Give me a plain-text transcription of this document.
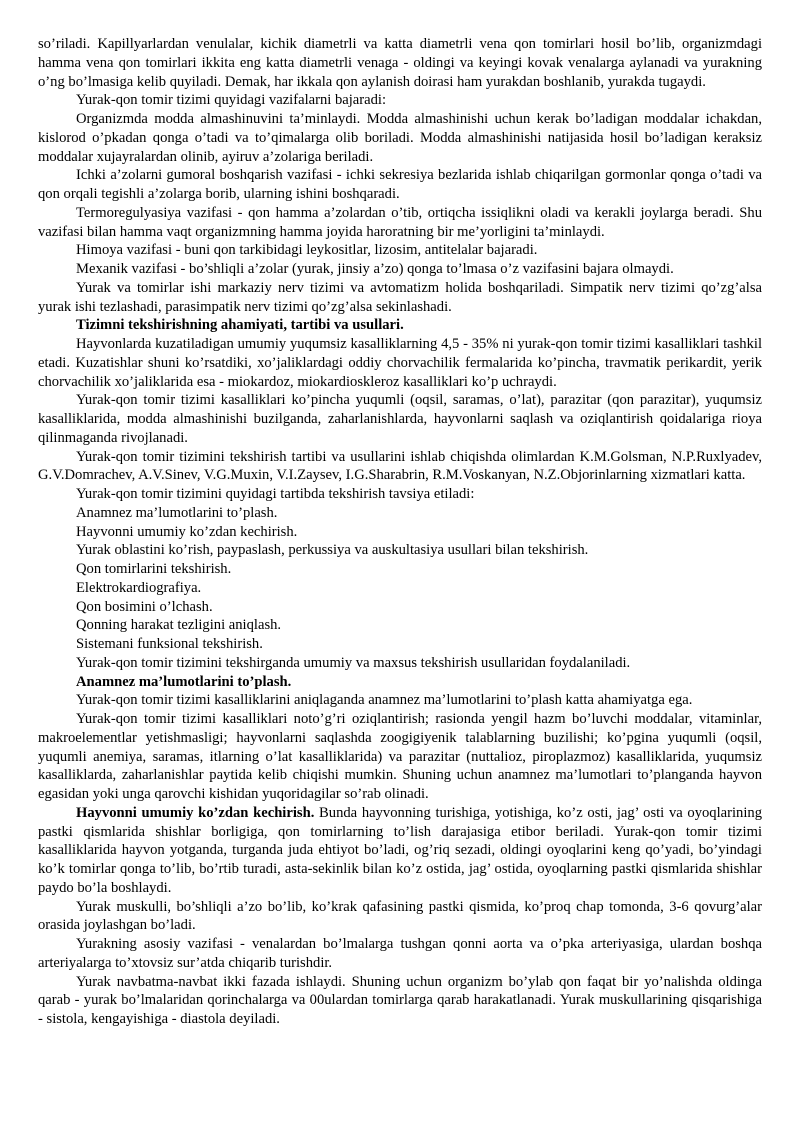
so’riladi. Kapillyarlardan venulalar, kichik diametrli va katta diametrli vena qon tomirlari hosil bo’lib, organizmdagi hamma vena qon tomirlari ikkita eng katta diametrli venaga - oldingi va keyingi kovak venalarga aylanadi va yurakning o’ng bo’lmasiga kelib quyiladi. Demak, har ikkala qon aylanish doirasi ham yurakdan boshlanib, yurakda tugaydi.

Yurak-qon tomir tizimi quyidagi vazifalarni bajaradi:

Organizmda modda almashinuvini ta’minlaydi. Modda almashinishi uchun kerak bo’ladigan moddalar ichakdan, kislorod o’pkadan qonga o’tadi va to’qimalarga olib boriladi. Modda almashinishi natijasida hosil bo’ladigan keraksiz moddalar xujayralardan olinib, ayiruv a’zolariga beriladi.

Ichki a’zolarni gumoral boshqarish vazifasi - ichki sekresiya bezlarida ishlab chiqarilgan gormonlar qonga o’tadi va qon orqali tegishli a’zolarga borib, ularning ishini boshqaradi.

Termoregulyasiya vazifasi - qon hamma a’zolardan o’tib, ortiqcha issiqlikni oladi va kerakli joylarga beradi. Shu vazifasi bilan hamma vaqt organizmning hamma joyida haroratning bir me’yorligini ta’minlaydi.

Himoya vazifasi - buni qon tarkibidagi leykositlar, lizosim, antitelalar bajaradi.

Mexanik vazifasi - bo’shliqli a’zolar (yurak, jinsiy a’zo) qonga to’lmasa o’z vazifasini bajara olmaydi.

Yurak va tomirlar ishi markaziy nerv tizimi va avtomatizm holida boshqariladi. Simpatik nerv tizimi qo’zg’alsa yurak ishi tezlashadi, parasimpatik nerv tizimi qo’zg’alsa sekinlashadi.

Tizimni tekshirishning ahamiyati, tartibi va usullari.

Hayvonlarda kuzatiladigan umumiy yuqumsiz kasalliklarning 4,5 - 35% ni yurak-qon tomir tizimi kasalliklari tashkil etadi. Kuzatishlar shuni ko’rsatdiki, xo’jaliklardagi oddiy chorvachilik fermalarida ko’pincha, travmatik perikardit, yerik chorvachilik xo’jaliklarida esa - miokardoz, miokardioskleroz kasalliklari ko’p uchraydi.

Yurak-qon tomir tizimi kasalliklari ko’pincha yuqumli (oqsil, saramas, o’lat), parazitar (qon parazitar), yuqumsiz kasalliklarida, modda almashinishi buzilganda, zaharlanishlarda, hayvonlarni saqlash va oziqlantirish qoidalariga rioya qilinmaganda rivojlanadi.

Yurak-qon tomir tizimini tekshirish tartibi va usullarini ishlab chiqishda olimlardan K.M.Golsman, N.P.Ruxlyadev, G.V.Domrachev, A.V.Sinev, V.G.Muxin, V.I.Zaysev, I.G.Sharabrin, R.M.Voskanyan, N.Z.Objorinlarning xizmatlari katta.

Yurak-qon tomir tizimini quyidagi tartibda tekshirish tavsiya etiladi:

Anamnez ma’lumotlarini to’plash.

Hayvonni umumiy ko’zdan kechirish.

Yurak oblastini ko’rish, paypaslash, perkussiya va auskultasiya usullari bilan tekshirish.

Qon tomirlarini tekshirish.

Elektrokardiografiya.

Qon bosimini o’lchash.

Qonning harakat tezligini aniqlash.

Sistemani funksional tekshirish.

Yurak-qon tomir tizimini tekshirganda umumiy va maxsus tekshirish usullaridan foydalaniladi.

Anamnez ma’lumotlarini to’plash.

Yurak-qon tomir tizimi kasalliklarini aniqlaganda anamnez ma’lumotlarini to’plash katta ahamiyatga ega.

Yurak-qon tomir tizimi kasalliklari noto’g’ri oziqlantirish; rasionda yengil hazm bo’luvchi moddalar, vitaminlar, makroelementlar yetishmasligi; hayvonlarni saqlashda zoogigiyenik talablarning buzilishi; ko’pgina yuqumli (oqsil, yuqumli anemiya, saramas, itlarning o’lat kasalliklarida) va parazitar (nuttalioz, piroplazmoz) kasalliklarida, yuqumsiz kasalliklarda, zaharlanishlar paytida kelib chiqishi mumkin. Shuning uchun anamnez ma’lumotlari to’planganda hayvon egasidan yoki unga qarovchi kishidan yuqoridagilar so’rab olinadi.

Hayvonni umumiy ko’zdan kechirish. Bunda hayvonning turishiga, yotishiga, ko’z osti, jag’ osti va oyoqlarining pastki qismlarida shishlar borligiga, qon tomirlarning to’lish darajasiga etibor beriladi. Yurak-qon tomir tizimi kasalliklarida hayvon yotganda, turganda juda ehtiyot bo’ladi, og’riq sezadi, oldingi oyoqlarini keng qo’yadi, bo’yindagi ko’k tomirlar qonga to’lib, bo’rtib turadi, asta-sekinlik bilan ko’z ostida, jag’ ostida, oyoqlarning pastki qismlarida shishlar paydo bo’la boshlaydi.

Yurak muskulli, bo’shliqli a’zo bo’lib, ko’krak qafasining pastki qismida, ko’proq chap tomonda, 3-6 qovurg’alar orasida joylashgan bo’ladi.

Yurakning asosiy vazifasi - venalardan bo’lmalarga tushgan qonni aorta va o’pka arteriyasiga, ulardan boshqa arteriyalarga to’xtovsiz sur’atda chiqarib turishdir.

Yurak navbatma-navbat ikki fazada ishlaydi. Shuning uchun organizm bo’ylab qon faqat bir yo’nalishda oldinga qarab - yurak bo’lmalaridan qorinchalarga va 00ulardan tomirlarga qarab harakatlanadi. Yurak muskullarining qisqarishiga - sistola, kengayishiga - diastola deyiladi.
